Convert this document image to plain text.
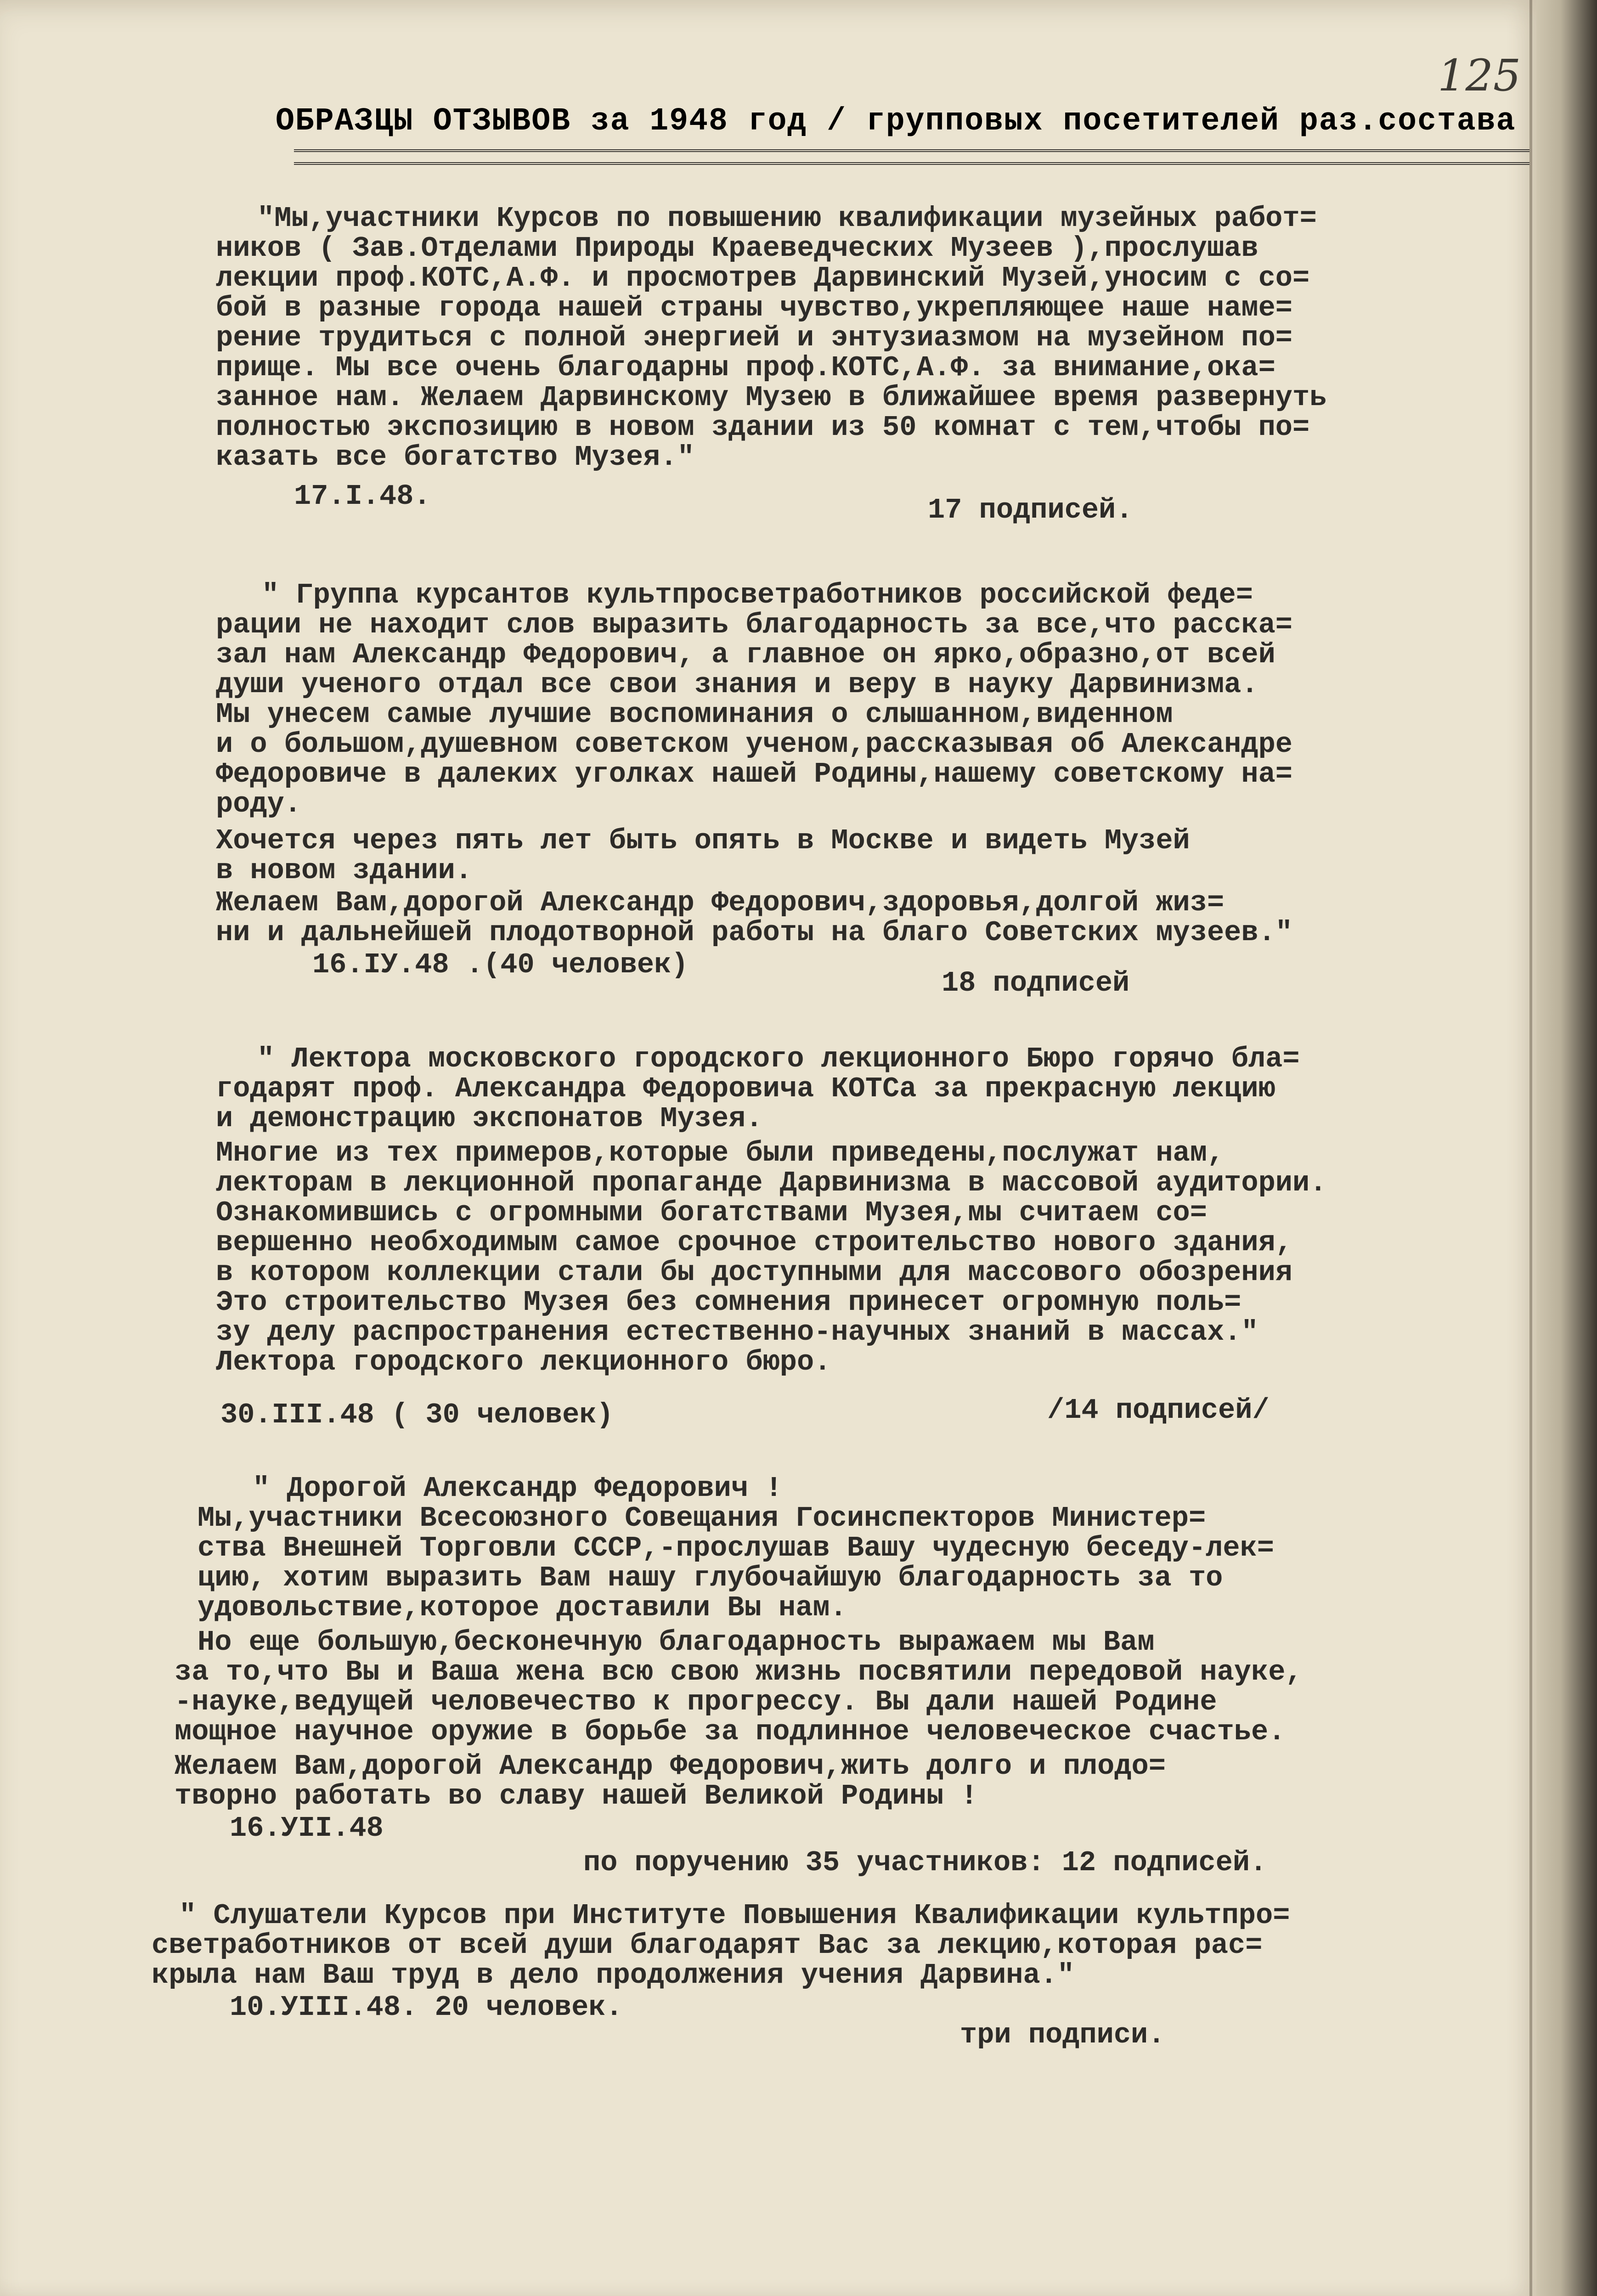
125
ОБРАЗЦЫ ОТЗЫВОВ за 1948 год / групповых посетителей раз.состава
"Мы,участники Курсов по повышению квалификации музейных работ=
ников ( Зав.Отделами Природы Краеведческих Музеев ),прослушав
лекции проф.КОТС,А.Ф. и просмотрев Дарвинский Музей,уносим с со=
бой в разные города нашей страны чувство,укрепляющее наше наме=
рение трудиться с полной энергией и энтузиазмом на музейном по=
прище. Мы все очень благодарны проф.КОТС,А.Ф. за внимание,ока=
занное нам. Желаем Дарвинскому Музею в ближайшее время развернуть
полностью экспозицию в новом здании из 50 комнат с тем,чтобы по=
казать все богатство Музея."
17.I.48.	17 подписей.
" Группа курсантов культпросветработников российской феде=
рации не находит слов выразить благодарность за все,что расска=
зал нам Александр Федорович, а главное он ярко,образно,от всей
души ученого отдал все свои знания и веру в науку Дарвинизма.
Мы унесем самые лучшие воспоминания о слышанном,виденном
и о большом,душевном советском ученом,рассказывая об Александре
Федоровиче в далеких уголках нашей Родины,нашему советскому на=
роду.
Хочется через пять лет быть опять в Москве и видеть Музей
в новом здании.
Желаем Вам,дорогой Александр Федорович,здоровья,долгой жиз=
ни и дальнейшей плодотворной работы на благо Советских музеев."
16.IУ.48 .(40 человек)
18 подписей
" Лектора московского городского лекционного Бюро горячо бла=
годарят проф. Александра Федоровича КОТСа за прекрасную лекцию
и демонстрацию экспонатов Музея.
Многие из тех примеров,которые были приведены,послужат нам,
лекторам в лекционной пропаганде Дарвинизма в массовой аудитории.
Ознакомившись с огромными богатствами Музея,мы считаем со=
вершенно необходимым самое срочное строительство нового здания,
в котором коллекции стали бы доступными для массового обозрения
Это строительство Музея без сомнения принесет огромную поль=
зу делу распространения естественно-научных знаний в массах."
Лектора городского лекционного бюро.
30.III.48 ( 30 человек)	/14 подписей/
" Дорогой Александр Федорович !
Мы,участники Всесоюзного Совещания Госинспекторов Министер=
ства Внешней Торговли СССР,-прослушав Вашу чудесную беседу-лек=
цию, хотим выразить Вам нашу глубочайшую благодарность за то
удовольствие,которое доставили Вы нам.
Но еще большую,бесконечную благодарность выражаем мы Вам
за то,что Вы и Ваша жена всю свою жизнь посвятили передовой науке,
-науке,ведущей человечество к прогрессу. Вы дали нашей Родине
мощное научное оружие в борьбе за подлинное человеческое счастье.
Желаем Вам,дорогой Александр Федорович,жить долго и плодо=
творно работать во славу нашей Великой Родины !
16.УII.48
по поручению 35 участников: 12 подписей.
" Слушатели Курсов при Институте Повышения Квалификации культпро=
светработников от всей души благодарят Вас за лекцию,которая рас=
крыла нам Ваш труд в дело продолжения учения Дарвина."
10.УIII.48. 20 человек.
три подписи.
